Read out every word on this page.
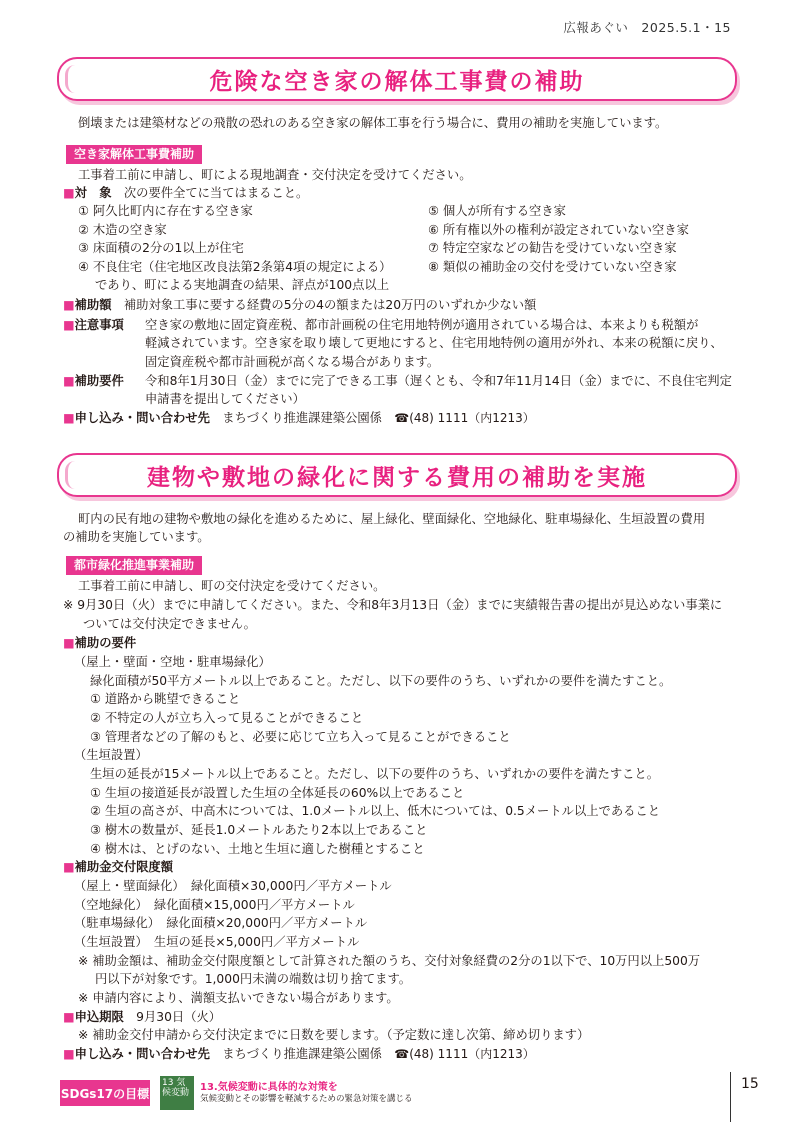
広報あぐい　2025.5.1・15
危険な空き家の解体工事費の補助
倒壊または建築材などの飛散の恐れのある空き家の解体工事を行う場合に、費用の補助を実施しています。
空き家解体工事費補助
工事着工前に申請し、町による現地調査・交付決定を受けてください。
■対　象　 次の要件全てに当てはまること。
① 阿久比町内に存在する空き家
② 木造の空き家
③ 床面積の2分の1以上が住宅
④ 不良住宅（住宅地区改良法第2条第4項の規定による）
であり、町による実地調査の結果、評点が100点以上
⑤ 個人が所有する空き家
⑥ 所有権以外の権利が設定されていない空き家
⑦ 特定空家などの勧告を受けていない空き家
⑧ 類似の補助金の交付を受けていない空き家
■補助額　 補助対象工事に要する経費の5分の4の額または20万円のいずれか少ない額
■注意事項 空き家の敷地に固定資産税、都市計画税の住宅用地特例が適用されている場合は、本来よりも税額が
軽減されています。空き家を取り壊して更地にすると、住宅用地特例の適用が外れ、本来の税額に戻り、
固定資産税や都市計画税が高くなる場合があります。
■補助要件 令和8年1月30日（金）までに完了できる工事（遅くとも、令和7年11月14日（金）までに、不良住宅判定
申請書を提出してください）
■申し込み・問い合わせ先　 まちづくり推進課建築公園係　 ☎(48) 1111（内1213）
建物や敷地の緑化に関する費用の補助を実施
町内の民有地の建物や敷地の緑化を進めるために、屋上緑化、壁面緑化、空地緑化、駐車場緑化、生垣設置の費用
の補助を実施しています。
都市緑化推進事業補助
工事着工前に申請し、町の交付決定を受けてください。
※ 9月30日（火）までに申請してください。また、令和8年3月13日（金）までに実績報告書の提出が見込めない事業に
ついては交付決定できません。
■補助の要件
（屋上・壁面・空地・駐車場緑化）
緑化面積が50平方メートル以上であること。ただし、以下の要件のうち、いずれかの要件を満たすこと。
① 道路から眺望できること
② 不特定の人が立ち入って見ることができること
③ 管理者などの了解のもと、必要に応じて立ち入って見ることができること
（生垣設置）
生垣の延長が15メートル以上であること。ただし、以下の要件のうち、いずれかの要件を満たすこと。
① 生垣の接道延長が設置した生垣の全体延長の60%以上であること
② 生垣の高さが、中高木については、1.0メートル以上、低木については、0.5メートル以上であること
③ 樹木の数量が、延長1.0メートルあたり2本以上であること
④ 樹木は、とげのない、土地と生垣に適した樹種とすること
■補助金交付限度額
（屋上・壁面緑化）　緑化面積×30,000円／平方メートル
（空地緑化）　緑化面積×15,000円／平方メートル
（駐車場緑化）　緑化面積×20,000円／平方メートル
（生垣設置）　生垣の延長×5,000円／平方メートル
※ 補助金額は、補助金交付限度額として計算された額のうち、交付対象経費の2分の1以下で、10万円以上500万
円以下が対象です。1,000円未満の端数は切り捨てます。
※ 申請内容により、満額支払いできない場合があります。
■申込期限　 9月30日（火）
※ 補助金交付申請から交付決定までに日数を要します。（予定数に達し次第、締め切ります）
■申し込み・問い合わせ先　 まちづくり推進課建築公園係　 ☎(48) 1111（内1213）
SDGs17の目標
13 気候変動	13.気候変動に具体的な対策を
気候変動とその影響を軽減するための緊急対策を講じる
15
